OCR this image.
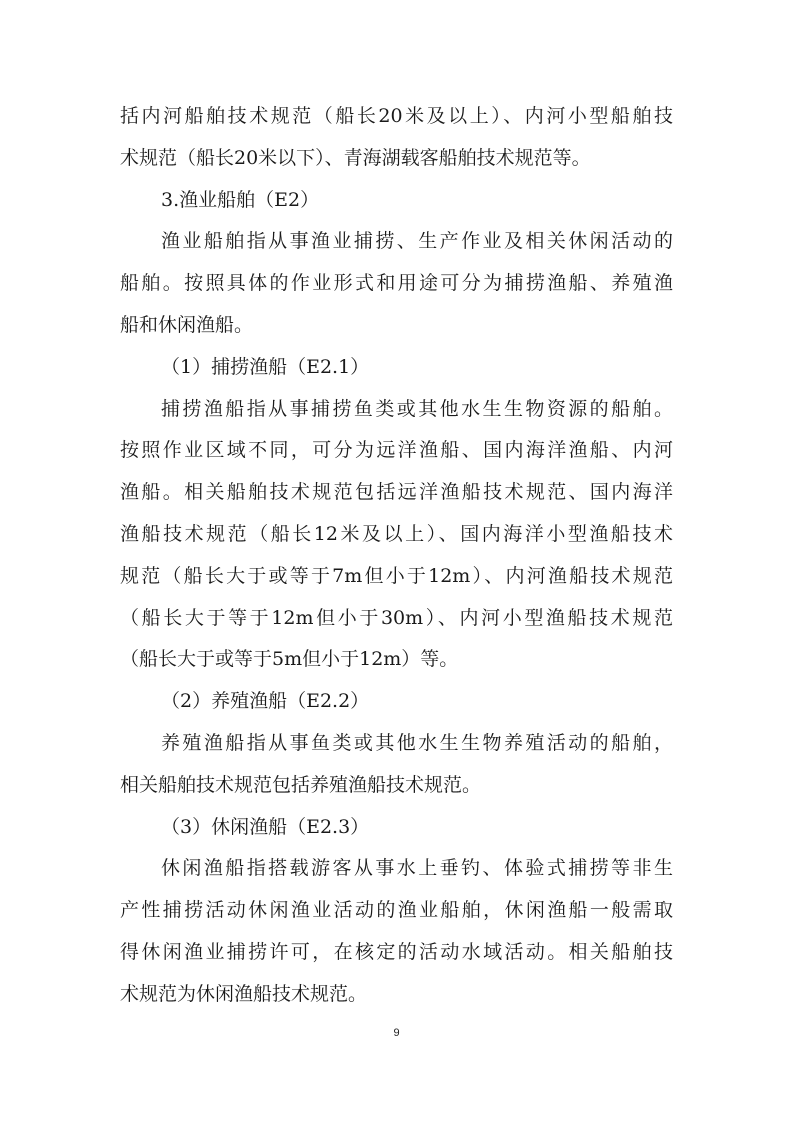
括内河船舶技术规范（船长20米及以上）、内河小型船舶技
术规范（船长20米以下）、青海湖载客船舶技术规范等。
3.渔业船舶（E2）
渔业船舶指从事渔业捕捞、生产作业及相关休闲活动的
船舶。按照具体的作业形式和用途可分为捕捞渔船、养殖渔
船和休闲渔船。
（1）捕捞渔船（E2.1）
捕捞渔船指从事捕捞鱼类或其他水生生物资源的船舶。
按照作业区域不同，可分为远洋渔船、国内海洋渔船、内河
渔船。相关船舶技术规范包括远洋渔船技术规范、国内海洋
渔船技术规范（船长12米及以上）、国内海洋小型渔船技术
规范（船长大于或等于7m但小于12m）、内河渔船技术规范
（船长大于等于12m但小于30m）、内河小型渔船技术规范
（船长大于或等于5m但小于12m）等。
（2）养殖渔船（E2.2）
养殖渔船指从事鱼类或其他水生生物养殖活动的船舶，
相关船舶技术规范包括养殖渔船技术规范。
（3）休闲渔船（E2.3）
休闲渔船指搭载游客从事水上垂钓、体验式捕捞等非生
产性捕捞活动休闲渔业活动的渔业船舶，休闲渔船一般需取
得休闲渔业捕捞许可，在核定的活动水域活动。相关船舶技
术规范为休闲渔船技术规范。
9
